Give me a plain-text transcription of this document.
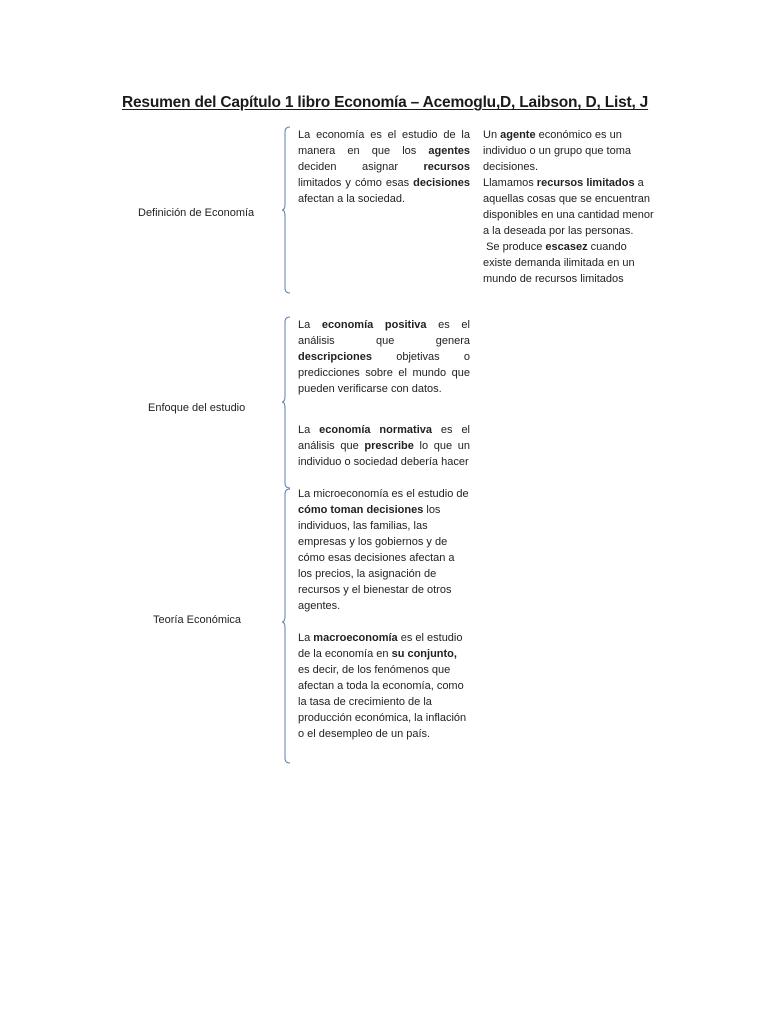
Resumen del Capítulo 1 libro Economía – Acemoglu,D, Laibson, D, List, J
Definición de Economía

La economía es el estudio de la manera en que los agentes deciden asignar recursos limitados y cómo esas decisiones afectan a la sociedad.

Un agente económico es un individuo o un grupo que toma decisiones.

Llamamos recursos limitados a aquellas cosas que se encuentran disponibles en una cantidad menor a la deseada por las personas.

Se produce escasez cuando existe demanda ilimitada en un mundo de recursos limitados

Enfoque del estudio

La economía positiva es el análisis que genera descripciones objetivas o predicciones sobre el mundo que pueden verificarse con datos.

La economía normativa es el análisis que prescribe lo que un individuo o sociedad debería hacer

Teoría Económica

La microeconomía es el estudio de cómo toman decisiones los individuos, las familias, las empresas y los gobiernos y de cómo esas decisiones afectan a los precios, la asignación de recursos y el bienestar de otros agentes.

La macroeconomía es el estudio de la economía en su conjunto, es decir, de los fenómenos que afectan a toda la economía, como la tasa de crecimiento de la producción económica, la inflación o el desempleo de un país.
